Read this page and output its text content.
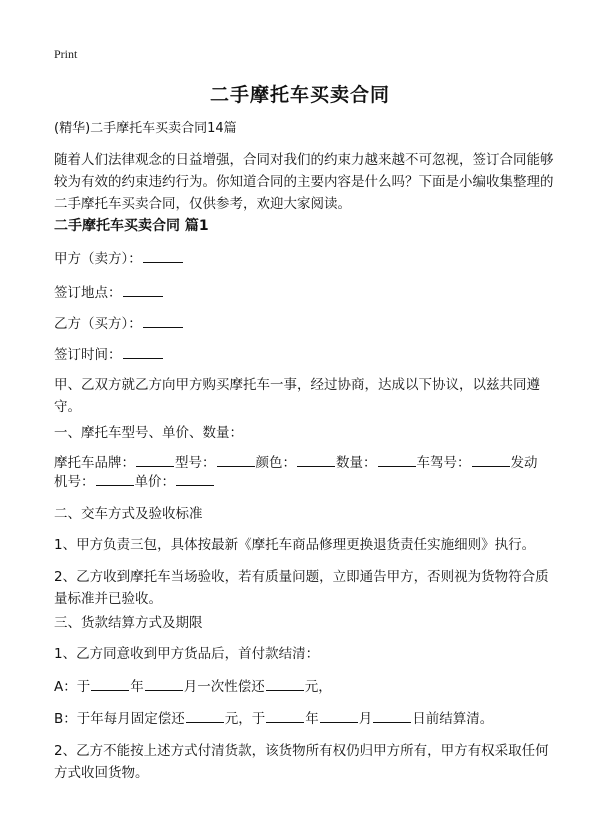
Print
二手摩托车买卖合同

(精华)二手摩托车买卖合同14篇

随着人们法律观念的日益增强，合同对我们的约束力越来越不可忽视，签订合同能够较为有效的约束违约行为。你知道合同的主要内容是什么吗？下面是小编收集整理的二手摩托车买卖合同，仅供参考，欢迎大家阅读。

二手摩托车买卖合同 篇1

甲方（卖方）：

签订地点：

乙方（买方）：

签订时间：

甲、乙双方就乙方向甲方购买摩托车一事，经过协商，达成以下协议，以兹共同遵守。

一、摩托车型号、单价、数量：

摩托车品牌：	型号：	颜色：	数量：	车驾号：	发动

机号：	单价：

二、交车方式及验收标准

1、甲方负责三包，具体按最新《摩托车商品修理更换退货责任实施细则》执行。

2、乙方收到摩托车当场验收，若有质量问题，立即通告甲方，否则视为货物符合质量标准并已验收。

三、货款结算方式及期限

1、乙方同意收到甲方货品后，首付款结清：

A：于	年	月一次性偿还	元，

B：于年每月固定偿还	元，于	年	月	日前结算清。

2、乙方不能按上述方式付清货款，该货物所有权仍归甲方所有，甲方有权采取任何方式收回货物。
